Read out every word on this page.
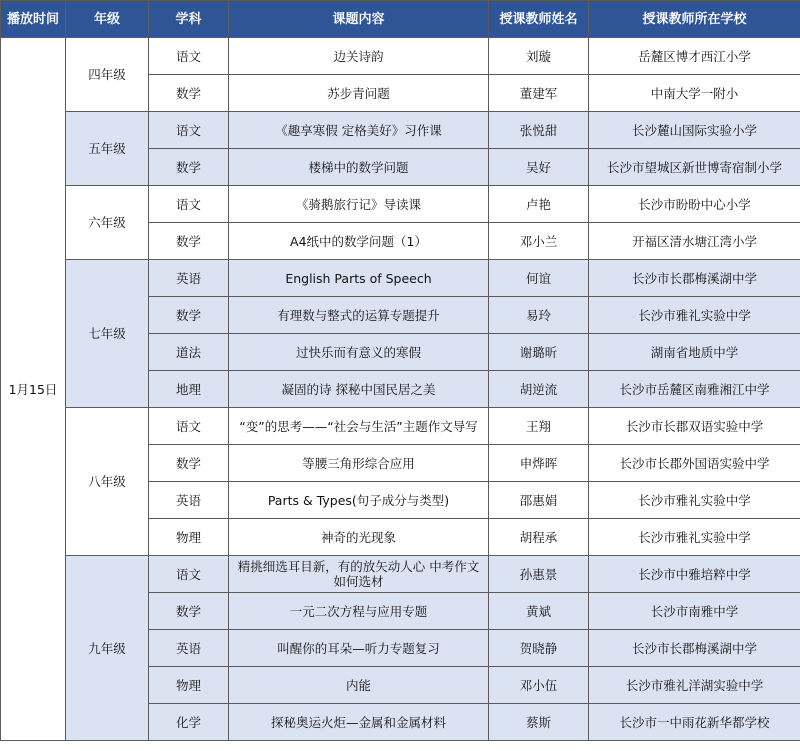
播放时间	年级	学科	课题内容	授课教师姓名	授课教师所在学校
1月15日	四年级	语文	边关诗韵	刘璇	岳麓区博才西江小学
		数学	苏步青问题	董建军	中南大学一附小
	五年级	语文	《趣享寒假 定格美好》习作课	张悦甜	长沙麓山国际实验小学
		数学	楼梯中的数学问题	吴好	长沙市望城区新世博寄宿制小学
	六年级	语文	《骑鹅旅行记》导读课	卢艳	长沙市盼盼中心小学
		数学	A4纸中的数学问题（1）	邓小兰	开福区清水塘江湾小学
	七年级	英语	English Parts of Speech	何谊	长沙市长郡梅溪湖中学
		数学	有理数与整式的运算专题提升	易玲	长沙市雅礼实验中学
		道法	过快乐而有意义的寒假	谢璐昕	湖南省地质中学
		地理	凝固的诗 探秘中国民居之美	胡逆流	长沙市岳麓区南雅湘江中学
	八年级	语文	“变”的思考——“社会与生活”主题作文导写	王翔	长沙市长郡双语实验中学
		数学	等腰三角形综合应用	申烨晖	长沙市长郡外国语实验中学
		英语	Parts & Types(句子成分与类型)	邵惠娟	长沙市雅礼实验中学
		物理	神奇的光现象	胡程承	长沙市雅礼实验中学
	九年级	语文	精挑细选耳目新，有的放矢动人心 中考作文如何选材	孙惠景	长沙市中雅培粹中学
		数学	一元二次方程与应用专题	黄斌	长沙市南雅中学
		英语	叫醒你的耳朵—听力专题复习	贺晓静	长沙市长郡梅溪湖中学
		物理	内能	邓小伍	长沙市雅礼洋湖实验中学
		化学	探秘奥运火炬—金属和金属材料	蔡斯	长沙市一中雨花新华都学校
